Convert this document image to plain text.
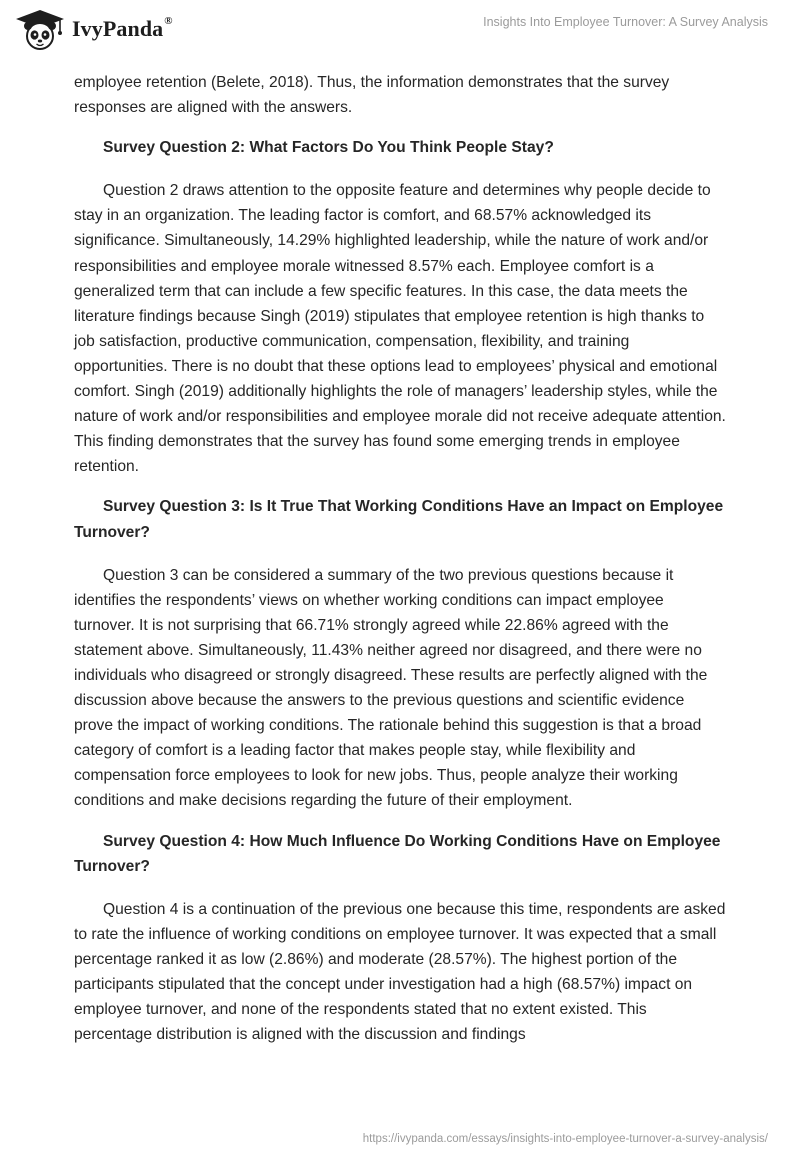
IvyPanda®	Insights Into Employee Turnover: A Survey Analysis

employee retention (Belete, 2018). Thus, the information demonstrates that the survey responses are aligned with the answers.

Survey Question 2: What Factors Do You Think People Stay?

Question 2 draws attention to the opposite feature and determines why people decide to stay in an organization. The leading factor is comfort, and 68.57% acknowledged its significance. Simultaneously, 14.29% highlighted leadership, while the nature of work and/or responsibilities and employee morale witnessed 8.57% each. Employee comfort is a generalized term that can include a few specific features. In this case, the data meets the literature findings because Singh (2019) stipulates that employee retention is high thanks to job satisfaction, productive communication, compensation, flexibility, and training opportunities. There is no doubt that these options lead to employees’ physical and emotional comfort. Singh (2019) additionally highlights the role of managers’ leadership styles, while the nature of work and/or responsibilities and employee morale did not receive adequate attention. This finding demonstrates that the survey has found some emerging trends in employee retention.

Survey Question 3: Is It True That Working Conditions Have an Impact on Employee Turnover?

Question 3 can be considered a summary of the two previous questions because it identifies the respondents’ views on whether working conditions can impact employee turnover. It is not surprising that 66.71% strongly agreed while 22.86% agreed with the statement above. Simultaneously, 11.43% neither agreed nor disagreed, and there were no individuals who disagreed or strongly disagreed. These results are perfectly aligned with the discussion above because the answers to the previous questions and scientific evidence prove the impact of working conditions. The rationale behind this suggestion is that a broad category of comfort is a leading factor that makes people stay, while flexibility and compensation force employees to look for new jobs. Thus, people analyze their working conditions and make decisions regarding the future of their employment.

Survey Question 4: How Much Influence Do Working Conditions Have on Employee Turnover?

Question 4 is a continuation of the previous one because this time, respondents are asked to rate the influence of working conditions on employee turnover. It was expected that a small percentage ranked it as low (2.86%) and moderate (28.57%). The highest portion of the participants stipulated that the concept under investigation had a high (68.57%) impact on employee turnover, and none of the respondents stated that no extent existed. This percentage distribution is aligned with the discussion and findings

https://ivypanda.com/essays/insights-into-employee-turnover-a-survey-analysis/
